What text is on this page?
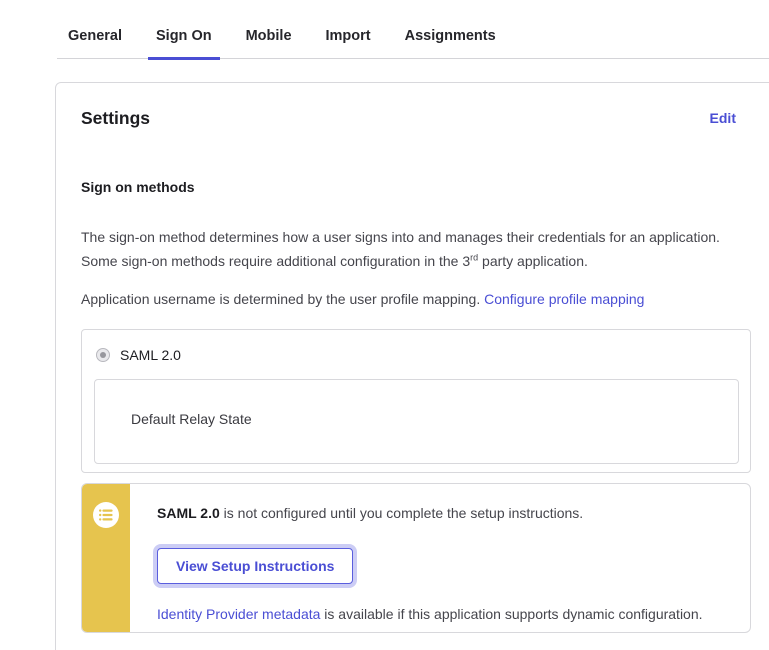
General	Sign On	Mobile	Import	Assignments
Settings	Edit
Sign on methods

The sign-on method determines how a user signs into and manages their credentials for an application. Some sign-on methods require additional configuration in the 3rd party application.

Application username is determined by the user profile mapping. Configure profile mapping

SAML 2.0
Default Relay State
SAML 2.0 is not configured until you complete the setup instructions.
View Setup Instructions
Identity Provider metadata is available if this application supports dynamic configuration.
